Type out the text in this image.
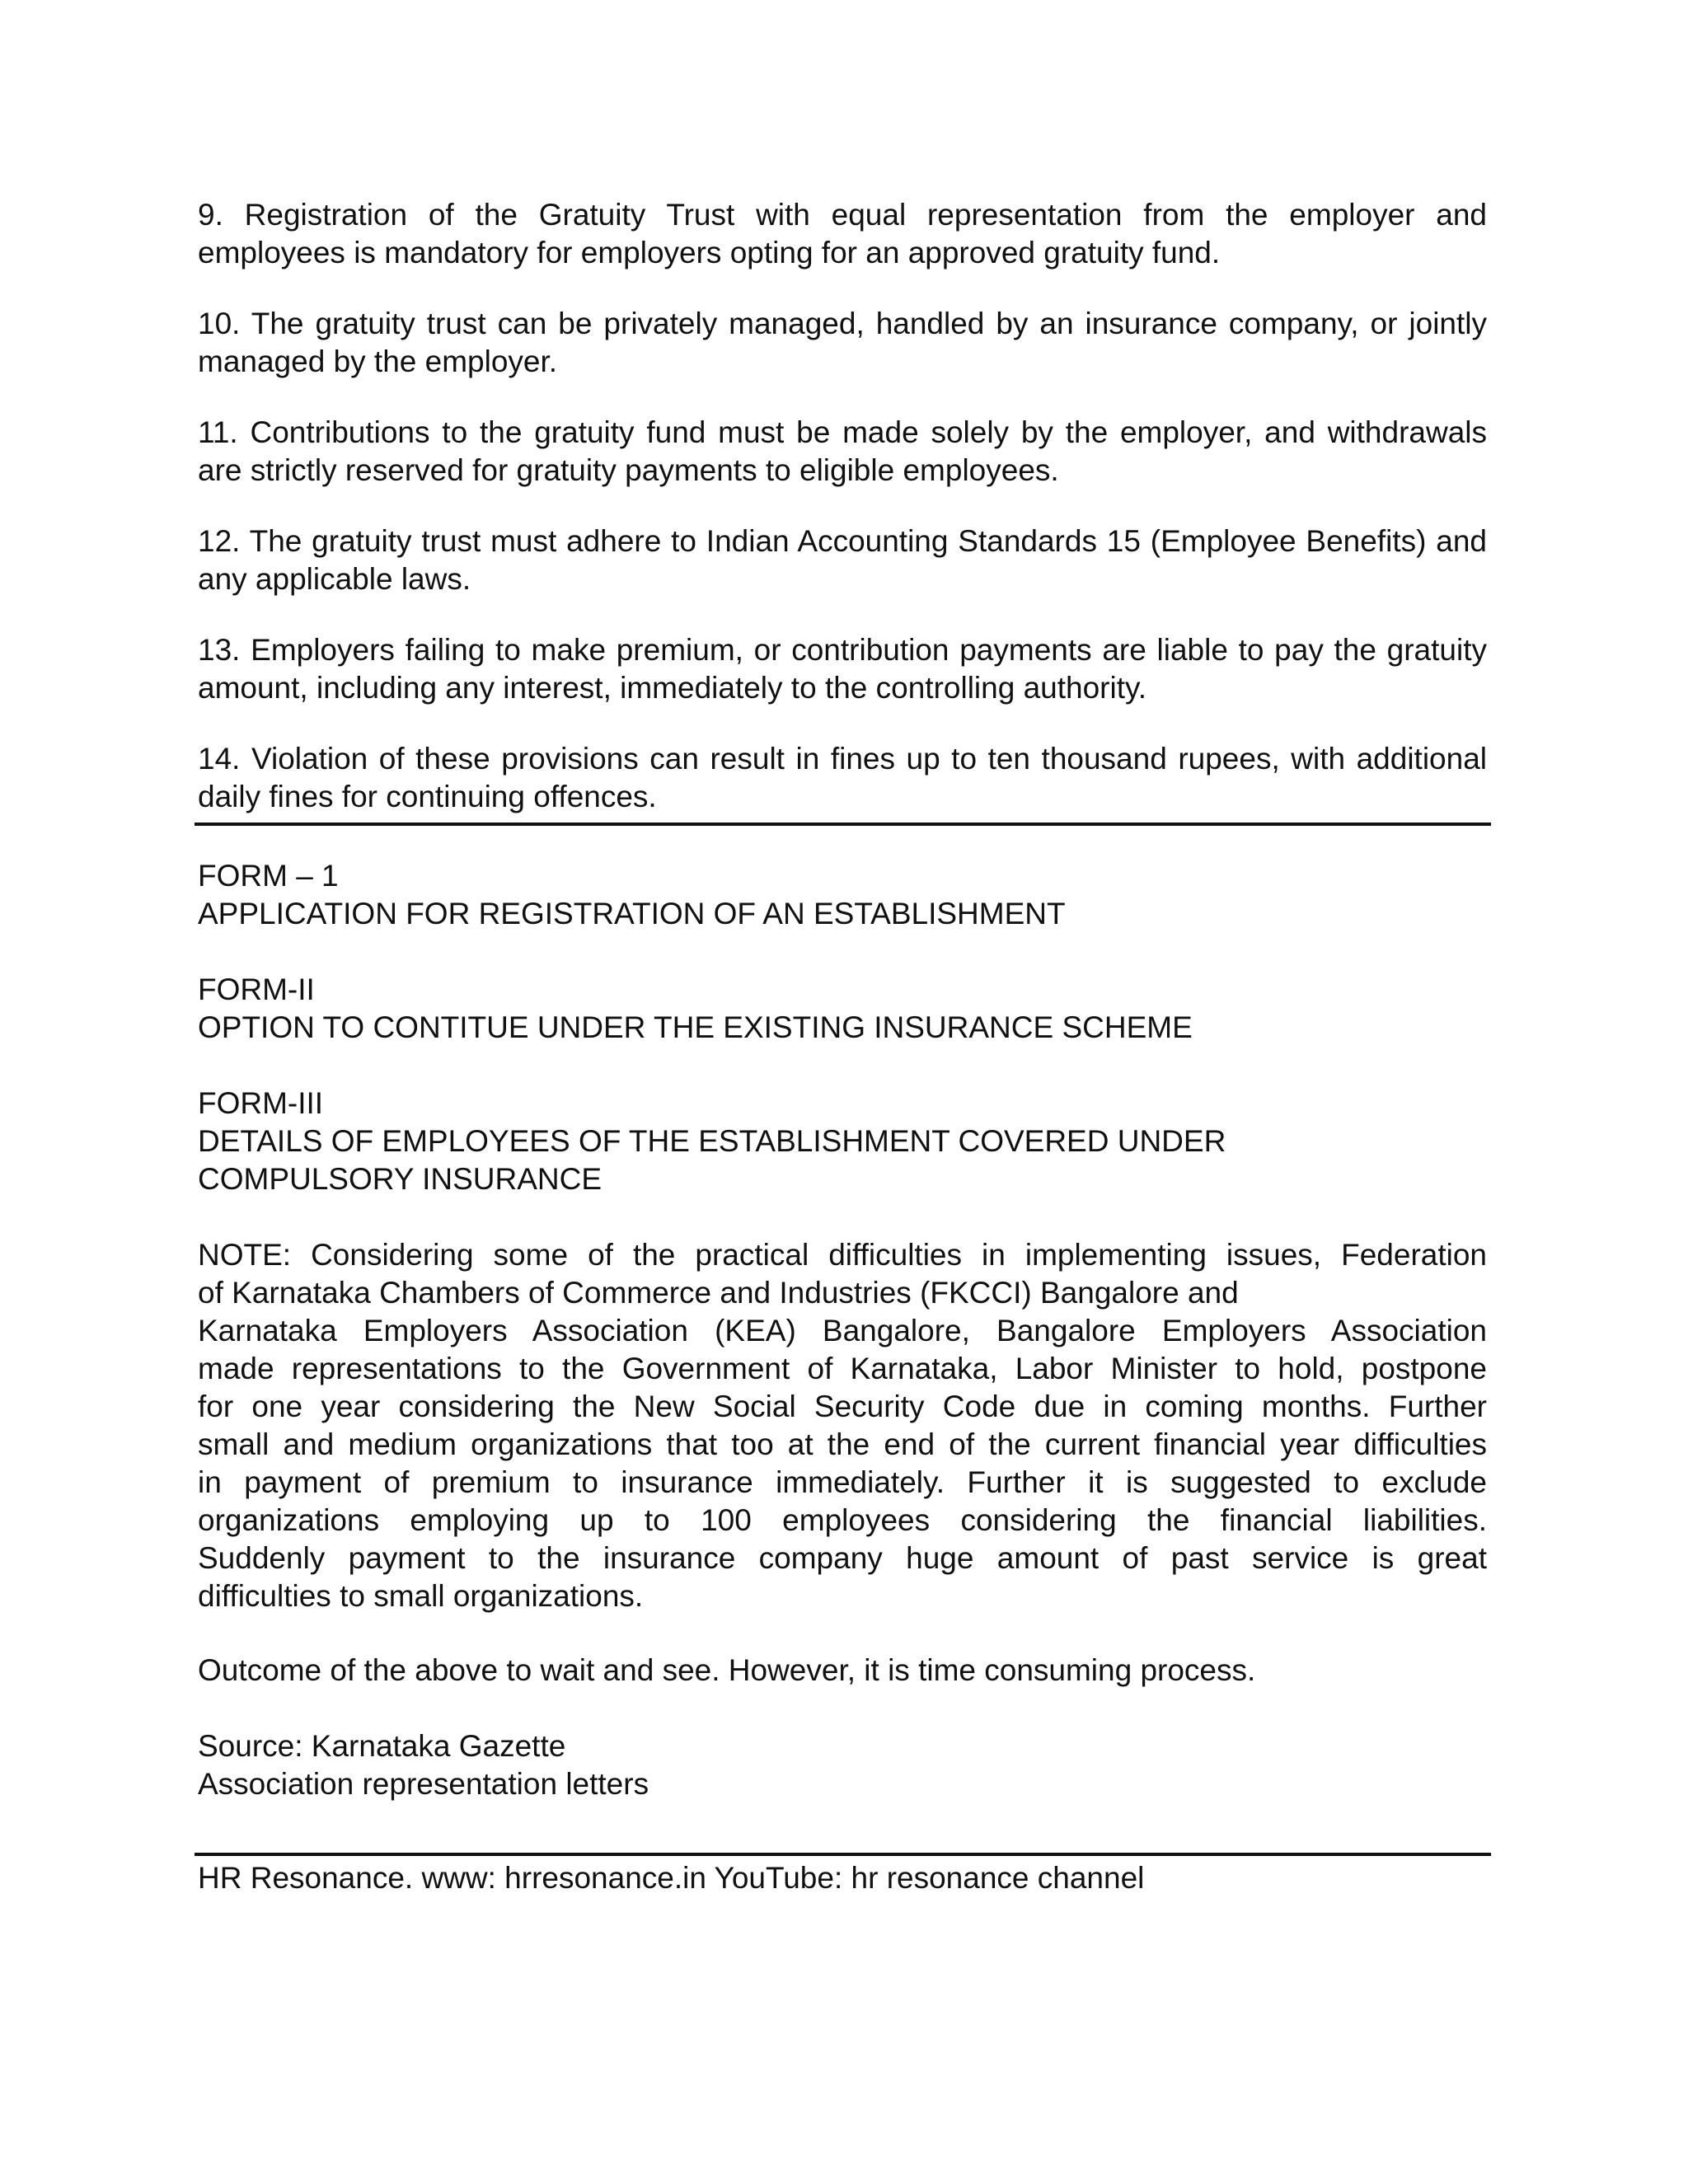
9. Registration of the Gratuity Trust with equal representation from the employer and employees is mandatory for employers opting for an approved gratuity fund.

10. The gratuity trust can be privately managed, handled by an insurance company, or jointly managed by the employer.

11. Contributions to the gratuity fund must be made solely by the employer, and withdrawals are strictly reserved for gratuity payments to eligible employees.

12. The gratuity trust must adhere to Indian Accounting Standards 15 (Employee Benefits) and any applicable laws.

13. Employers failing to make premium, or contribution payments are liable to pay the gratuity amount, including any interest, immediately to the controlling authority.

14. Violation of these provisions can result in fines up to ten thousand rupees, with additional daily fines for continuing offences.

FORM – 1
APPLICATION FOR REGISTRATION OF AN ESTABLISHMENT
FORM-II
OPTION TO CONTITUE UNDER THE EXISTING INSURANCE SCHEME
FORM-III
DETAILS OF EMPLOYEES OF THE ESTABLISHMENT COVERED UNDER
COMPULSORY INSURANCE
NOTE: Considering some of the practical difficulties in implementing issues, Federation
of Karnataka Chambers of Commerce and Industries (FKCCI) Bangalore and
Karnataka Employers Association (KEA) Bangalore, Bangalore Employers Association
made representations to the Government of Karnataka, Labor Minister to hold, postpone
for one year considering the New Social Security Code due in coming months. Further
small and medium organizations that too at the end of the current financial year difficulties
in payment of premium to insurance immediately. Further it is suggested to exclude
organizations employing up to 100 employees considering the financial liabilities.
Suddenly payment to the insurance company huge amount of past service is great
difficulties to small organizations.
Outcome of the above to wait and see. However, it is time consuming process.
Source: Karnataka Gazette
Association representation letters
HR Resonance. www: hrresonance.in YouTube: hr resonance channel
